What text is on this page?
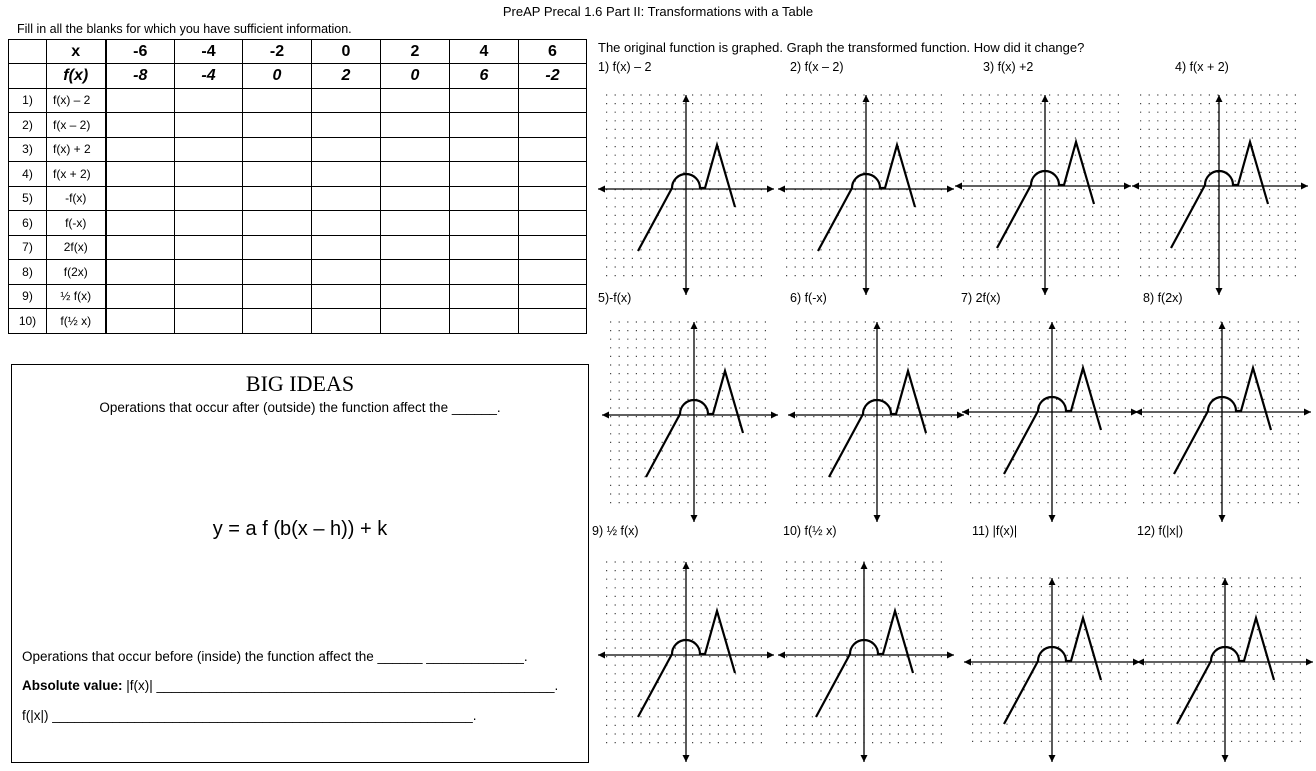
PreAP Precal 1.6 Part II: Transformations with a Table
Fill in all the blanks for which you have sufficient information.
	x	-6	-4	-2	0	2	4	6
	f(x)	-8	-4	0	2	0	6	-2
1)	f(x) – 2							
2)	f(x – 2)							
3)	f(x) + 2							
4)	f(x + 2)							
5)	-f(x)							
6)	f(-x)							
7)	2f(x)							
8)	f(2x)							
9)	½ f(x)							
10)	f(½ x)							
BIG IDEAS
Operations that occur after (outside) the function affect the ______.
y = a f (b(x – h)) + k
Operations that occur before (inside) the function affect the ______ _____________.
Absolute value: |f(x)| _____________________________________________________.
f(|x|) ________________________________________________________.
The original function is graphed. Graph the transformed function. How did it change?
1) f(x) – 2	2) f(x – 2)	3) f(x) +2	4) f(x + 2)
5)-f(x)	6) f(-x)	7) 2f(x)	8) f(2x)
9) ½ f(x)	10) f(½ x)	11) |f(x)|	12) f(|x|)
